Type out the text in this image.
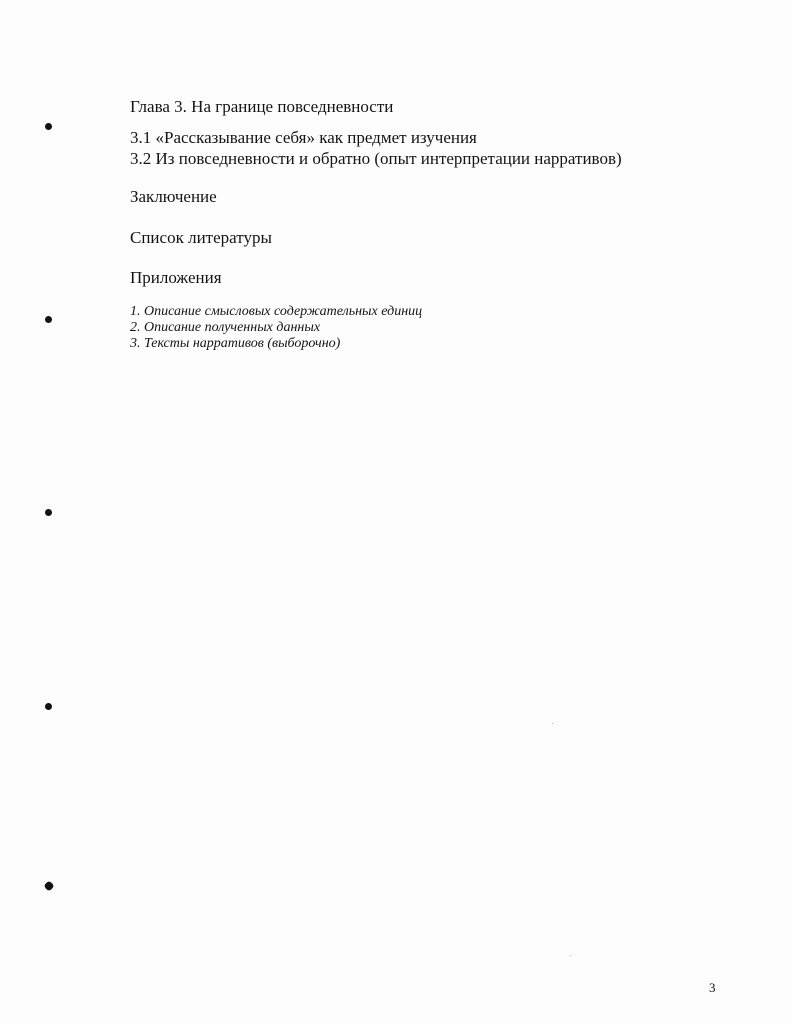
Глава 3. На границе повседневности
3.1 «Рассказывание себя» как предмет изучения
3.2 Из повседневности и обратно (опыт интерпретации нарративов)
Заключение
Список литературы
Приложения
1. Описание смысловых содержательных единиц
2. Описание полученных данных
3. Тексты нарративов (выборочно)
3
